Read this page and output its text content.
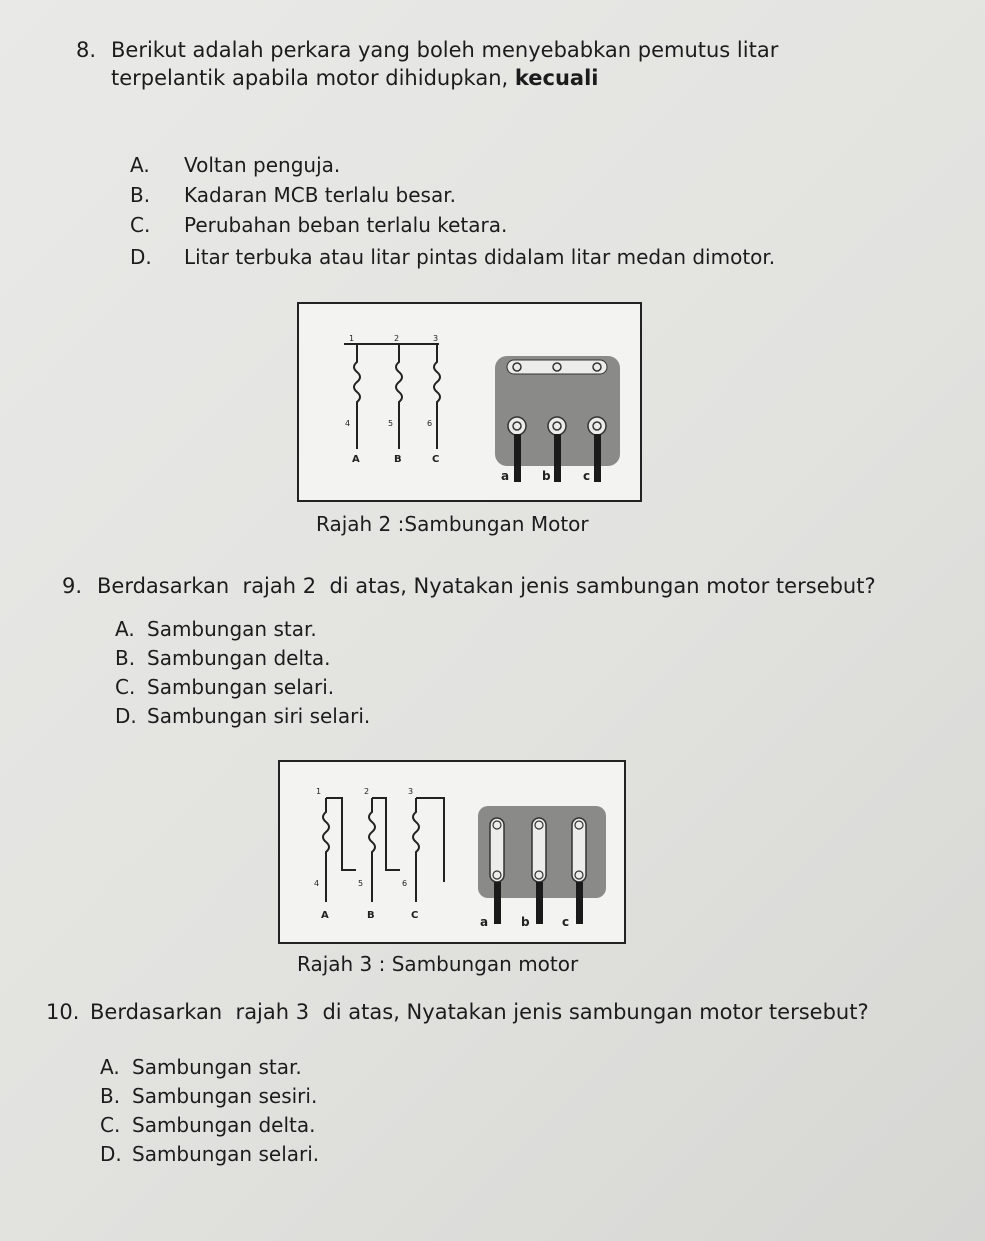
8. Berikut adalah perkara yang boleh menyebabkan pemutus litar
terpelantik apabila motor dihidupkan, kecuali
A. Voltan penguja.
B. Kadaran MCB terlalu besar.
C. Perubahan beban terlalu ketara.
D. Litar terbuka atau litar pintas didalam litar medan dimotor.
1	2	3
4	5	6
A	B	C
a	b	c
Rajah 2 :Sambungan Motor
9. Berdasarkan  rajah 2  di atas, Nyatakan jenis sambungan motor tersebut?
A. Sambungan star.
B. Sambungan delta.
C. Sambungan selari.
D. Sambungan siri selari.
1	2	3
4	5	6
A	B	C	a	b	c
Rajah 3 : Sambungan motor
10. Berdasarkan  rajah 3  di atas, Nyatakan jenis sambungan motor tersebut?
A. Sambungan star.
B. Sambungan sesiri.
C. Sambungan delta.
D. Sambungan selari.
